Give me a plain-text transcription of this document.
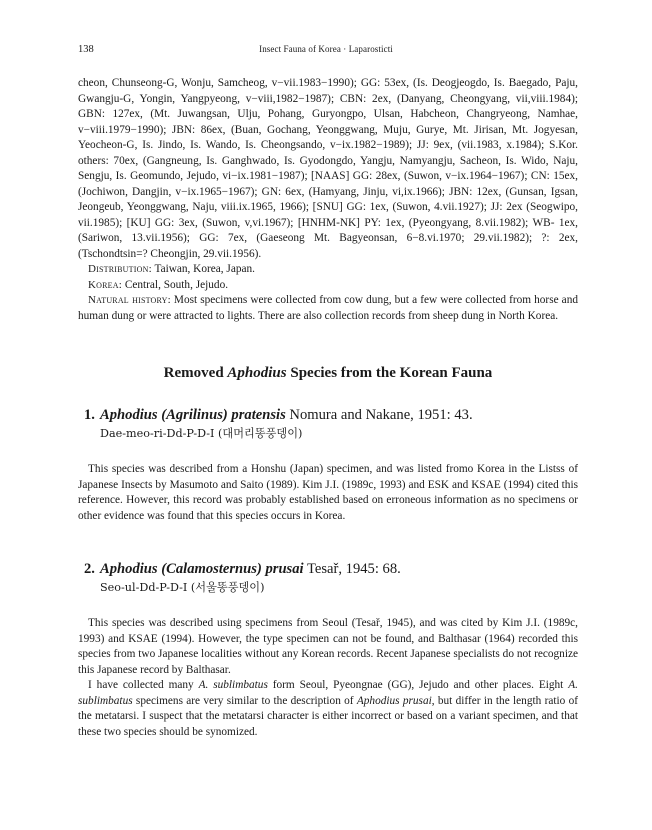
138	Insect Fauna of Korea · Laparosticti

cheon, Chunseong-G, Wonju, Samcheog, v−vii.1983−1990); GG: 53ex, (Is. Deogjeogdo, Is. Baegado, Paju, Gwangju-G, Yongin, Yangpyeong, v−viii,1982−1987); CBN: 2ex, (Danyang, Cheongyang, vii,viii.1984); GBN: 127ex, (Mt. Juwangsan, Ulju, Pohang, Guryongpo, Ulsan, Habcheon, Changryeong, Namhae, v−viii.1979−1990); JBN: 86ex, (Buan, Gochang, Yeonggwang, Muju, Gurye, Mt. Jirisan, Mt. Jogyesan, Yeocheon-G, Is. Jindo, Is. Wando, Is. Cheongsando, v−ix.1982−1989); JJ: 9ex, (vii.1983, x.1984); S.Kor. others: 70ex, (Gangneung, Is. Ganghwado, Is. Gyodongdo, Yangju, Namyangju, Sacheon, Is. Wido, Naju, Sengju, Is. Geomundo, Jejudo, vi−ix.1981−1987); [NAAS] GG: 28ex, (Suwon, v−ix.1964−1967); CN: 15ex, (Jochiwon, Dangjin, v−ix.1965−1967); GN: 6ex, (Hamyang, Jinju, vi,ix.1966); JBN: 12ex, (Gunsan, Igsan, Jeongeub, Yeonggwang, Naju, viii.ix.1965, 1966); [SNU] GG: 1ex, (Suwon, 4.vii.1927); JJ: 2ex (Seogwipo, vii.1985); [KU] GG: 3ex, (Suwon, v,vi.1967); [HNHM-NK] PY: 1ex, (Pyeongyang, 8.vii.1982); WB- 1ex, (Sariwon, 13.vii.1956); GG: 7ex, (Gaeseong Mt. Bagyeonsan, 6−8.vi.1970; 29.vii.1982); ?: 2ex, (Tschondtsin=? Cheongjin, 29.vii.1956).

Distribution: Taiwan, Korea, Japan.

Korea: Central, South, Jejudo.

Natural history: Most specimens were collected from cow dung, but a few were collected from horse and human dung or were attracted to lights. There are also collection records from sheep dung in North Korea.

Removed Aphodius Species from the Korean Fauna
1. Aphodius (Agrilinus) pratensis Nomura and Nakane, 1951: 43.
Dae-meo-ri-Dd-P-D-I (대머리똥풍뎅이)

This species was described from a Honshu (Japan) specimen, and was listed fromo Korea in the Listss of Japanese Insects by Masumoto and Saito (1989). Kim J.I. (1989c, 1993) and ESK and KSAE (1994) cited this reference. However, this record was probably established based on erroneous information as no specimens or other evidence was found that this species occurs in Korea.

2. Aphodius (Calamosternus) prusai Tesař, 1945: 68.
Seo-ul-Dd-P-D-I (서울똥풍뎅이)

This species was described using specimens from Seoul (Tesař, 1945), and was cited by Kim J.I. (1989c, 1993) and KSAE (1994). However, the type specimen can not be found, and Balthasar (1964) recorded this species from two Japanese localities without any Korean records. Recent Japanese specialists do not recognize this Japanese record by Balthasar.

I have collected many A. sublimbatus form Seoul, Pyeongnae (GG), Jejudo and other places. Eight A. sublimbatus specimens are very similar to the description of Aphodius prusai, but differ in the length ratio of the metatarsi. I suspect that the metatarsi character is either incorrect or based on a variant specimen, and that these two species should be synomized.
